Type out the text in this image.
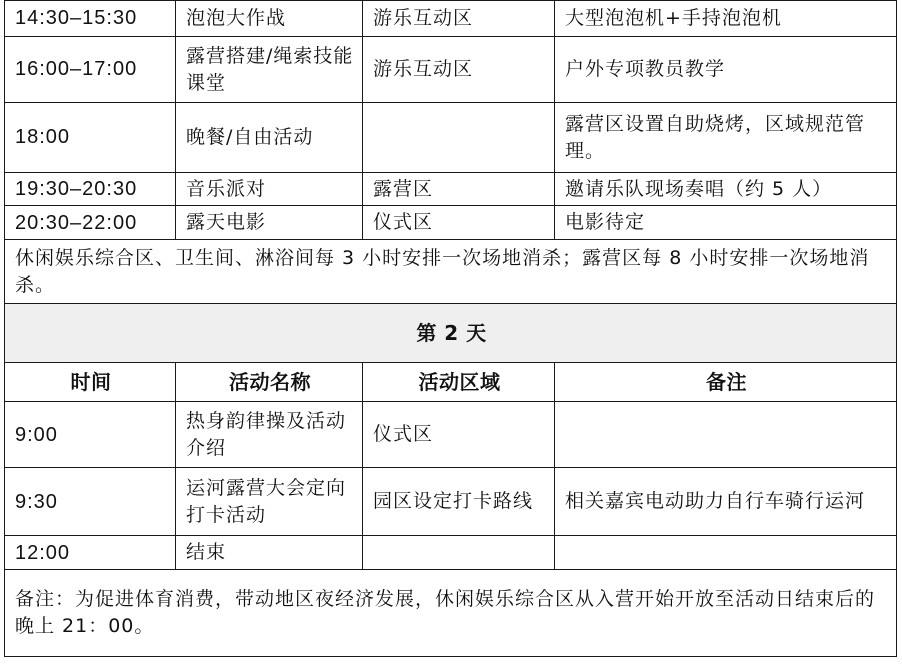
14:30–15:30	泡泡大作战	游乐互动区	大型泡泡机+手持泡泡机
16:00–17:00	露营搭建/绳索技能课堂	游乐互动区	户外专项教员教学
18:00	晚餐/自由活动		露营区设置自助烧烤，区域规范管理。
19:30–20:30	音乐派对	露营区	邀请乐队现场奏唱（约 5 人）
20:30–22:00	露天电影	仪式区	电影待定
休闲娱乐综合区、卫生间、淋浴间每 3 小时安排一次场地消杀；露营区每 8 小时安排一次场地消杀。			
第 2 天			
时间	活动名称	活动区域	备注
9:00	热身韵律操及活动介绍	仪式区	
9:30	运河露营大会定向打卡活动	园区设定打卡路线	相关嘉宾电动助力自行车骑行运河
12:00	结束		
备注：为促进体育消费，带动地区夜经济发展，休闲娱乐综合区从入营开始开放至活动日结束后的晚上 21：00。			
